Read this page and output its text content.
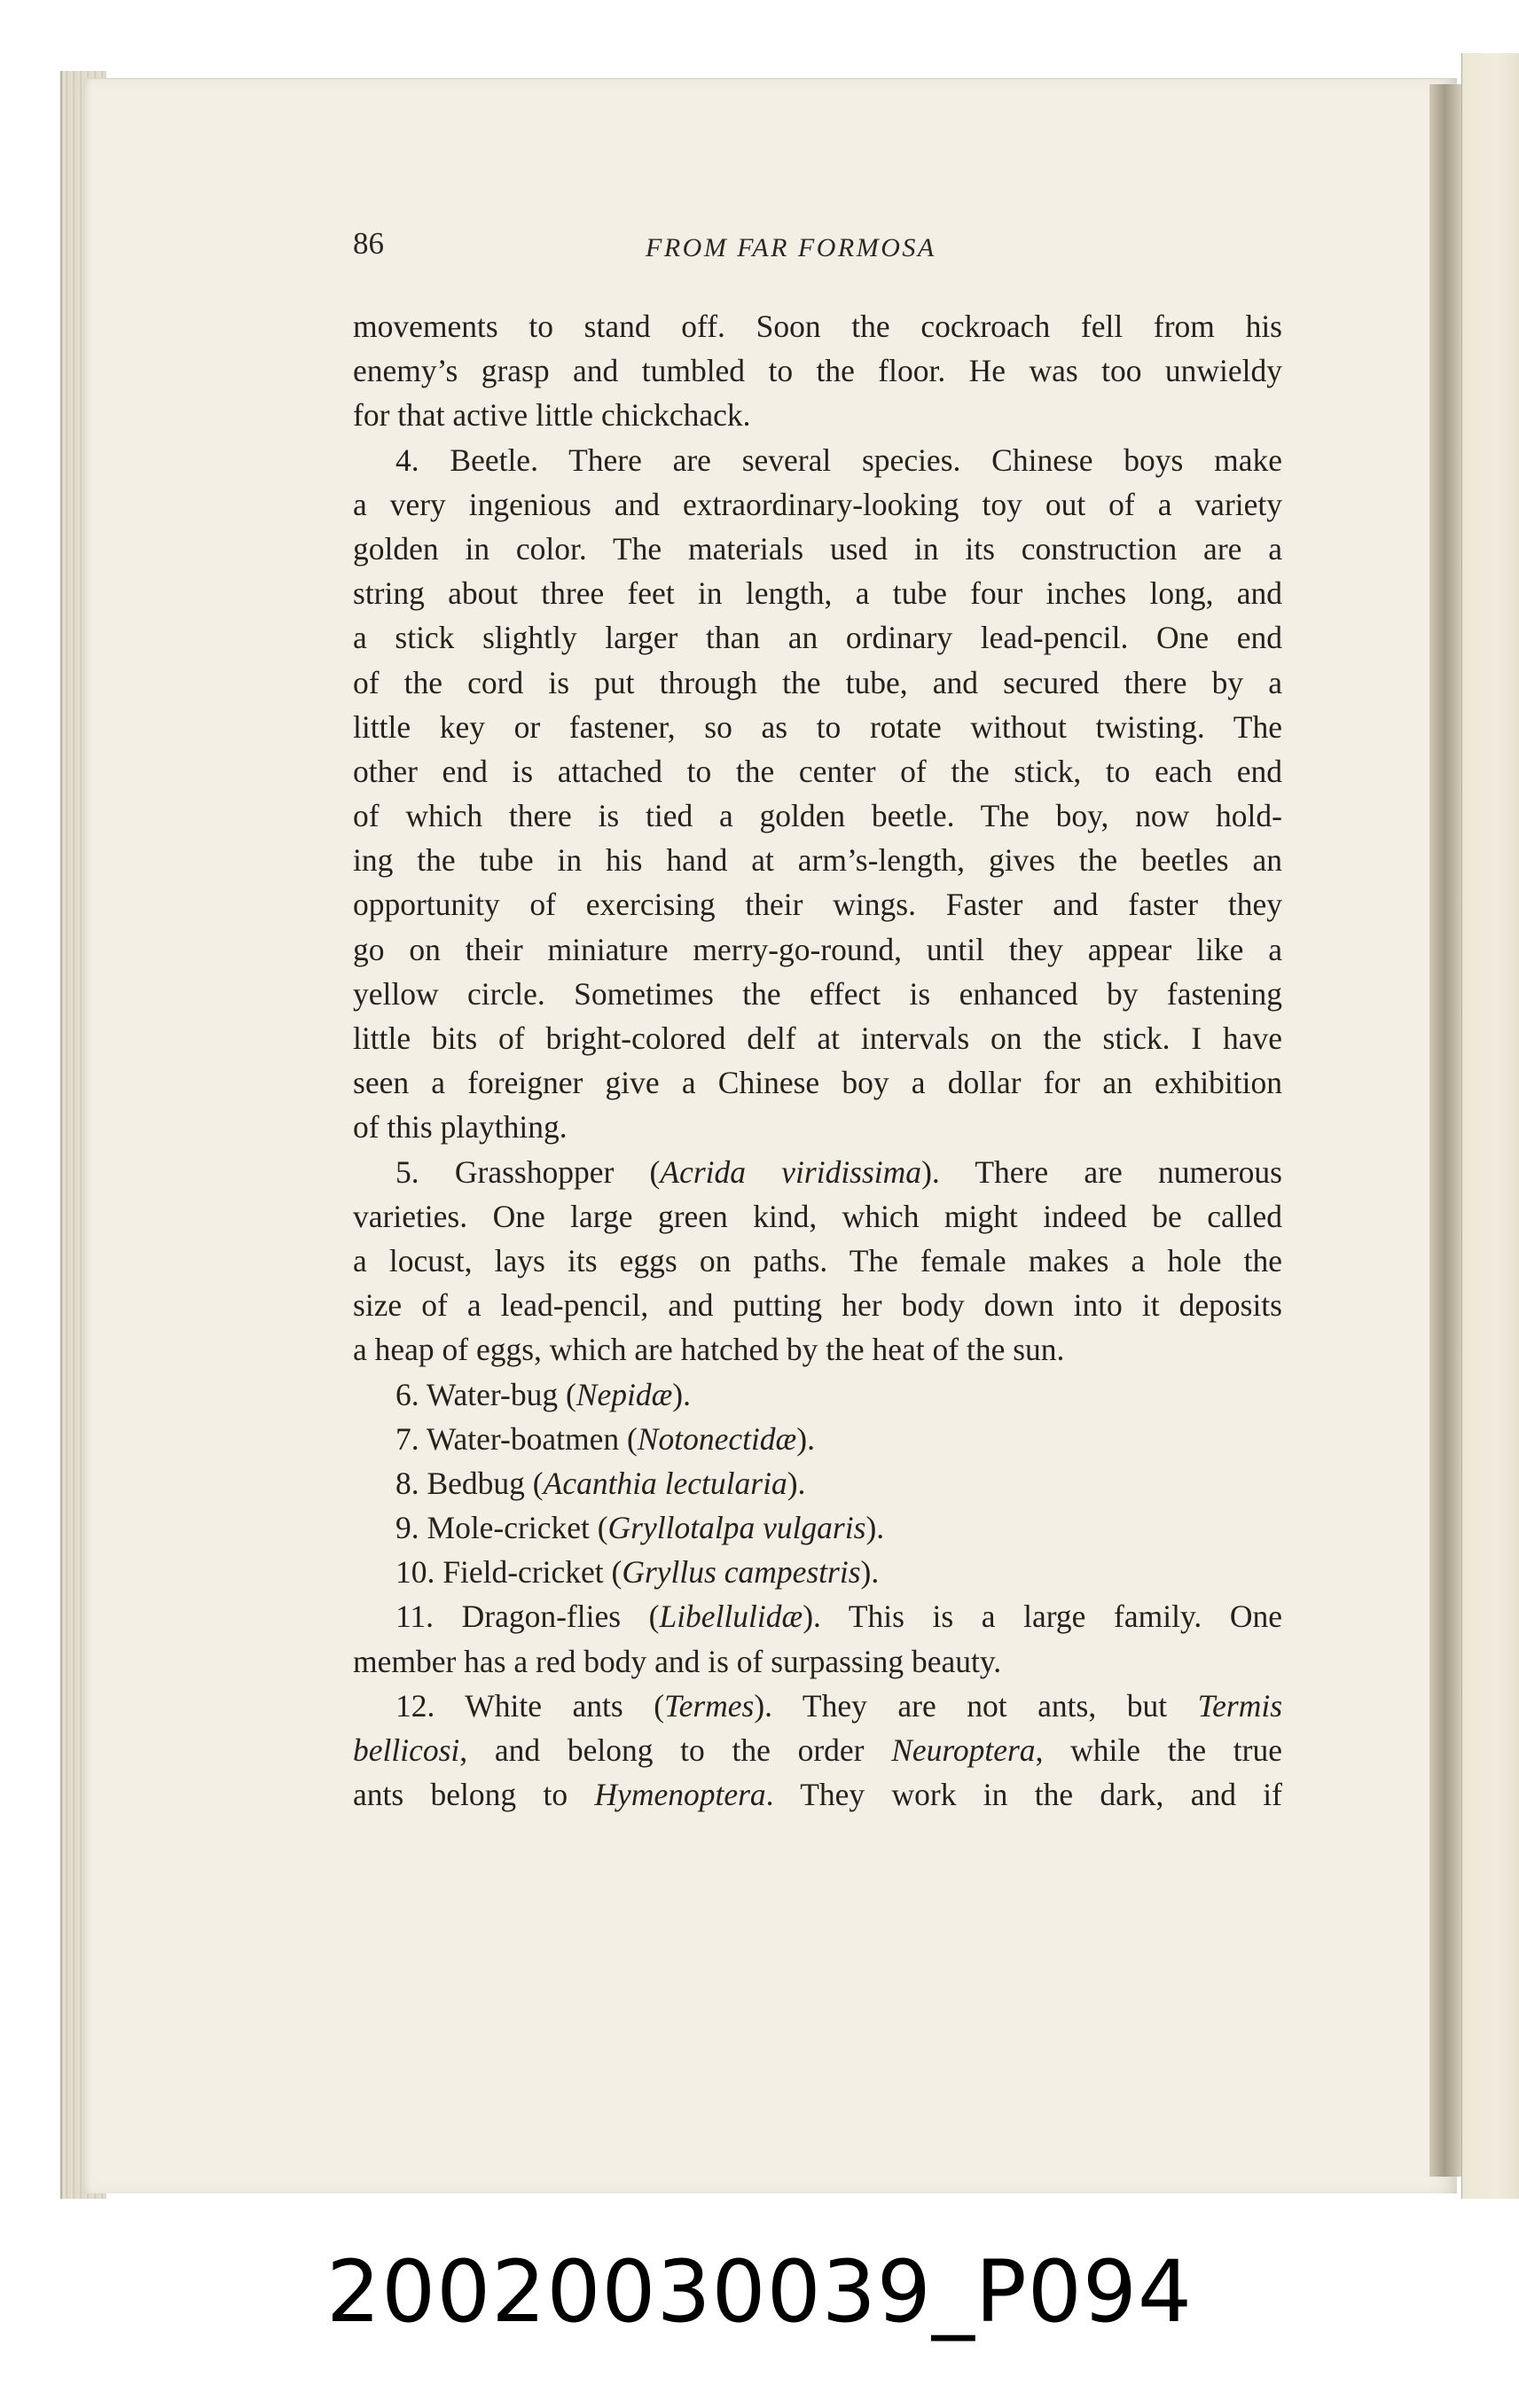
86	FROM FAR FORMOSA
movements to stand off. Soon the cockroach fell from his
enemy’s grasp and tumbled to the floor. He was too unwieldy
for that active little chickchack.
4. Beetle. There are several species. Chinese boys make
a very ingenious and extraordinary-looking toy out of a variety
golden in color. The materials used in its construction are a
string about three feet in length, a tube four inches long, and
a stick slightly larger than an ordinary lead-pencil. One end
of the cord is put through the tube, and secured there by a
little key or fastener, so as to rotate without twisting. The
other end is attached to the center of the stick, to each end
of which there is tied a golden beetle. The boy, now hold-
ing the tube in his hand at arm’s-length, gives the beetles an
opportunity of exercising their wings. Faster and faster they
go on their miniature merry-go-round, until they appear like a
yellow circle. Sometimes the effect is enhanced by fastening
little bits of bright-colored delf at intervals on the stick. I have
seen a foreigner give a Chinese boy a dollar for an exhibition
of this plaything.
5. Grasshopper (Acrida viridissima). There are numerous
varieties. One large green kind, which might indeed be called
a locust, lays its eggs on paths. The female makes a hole the
size of a lead-pencil, and putting her body down into it deposits
a heap of eggs, which are hatched by the heat of the sun.
6. Water-bug (Nepidæ).
7. Water-boatmen (Notonectidæ).
8. Bedbug (Acanthia lectularia).
9. Mole-cricket (Gryllotalpa vulgaris).
10. Field-cricket (Gryllus campestris).
11. Dragon-flies (Libellulidæ). This is a large family. One
member has a red body and is of surpassing beauty.
12. White ants (Termes). They are not ants, but Termis
bellicosi, and belong to the order Neuroptera, while the true
ants belong to Hymenoptera. They work in the dark, and if
20020030039_P094
